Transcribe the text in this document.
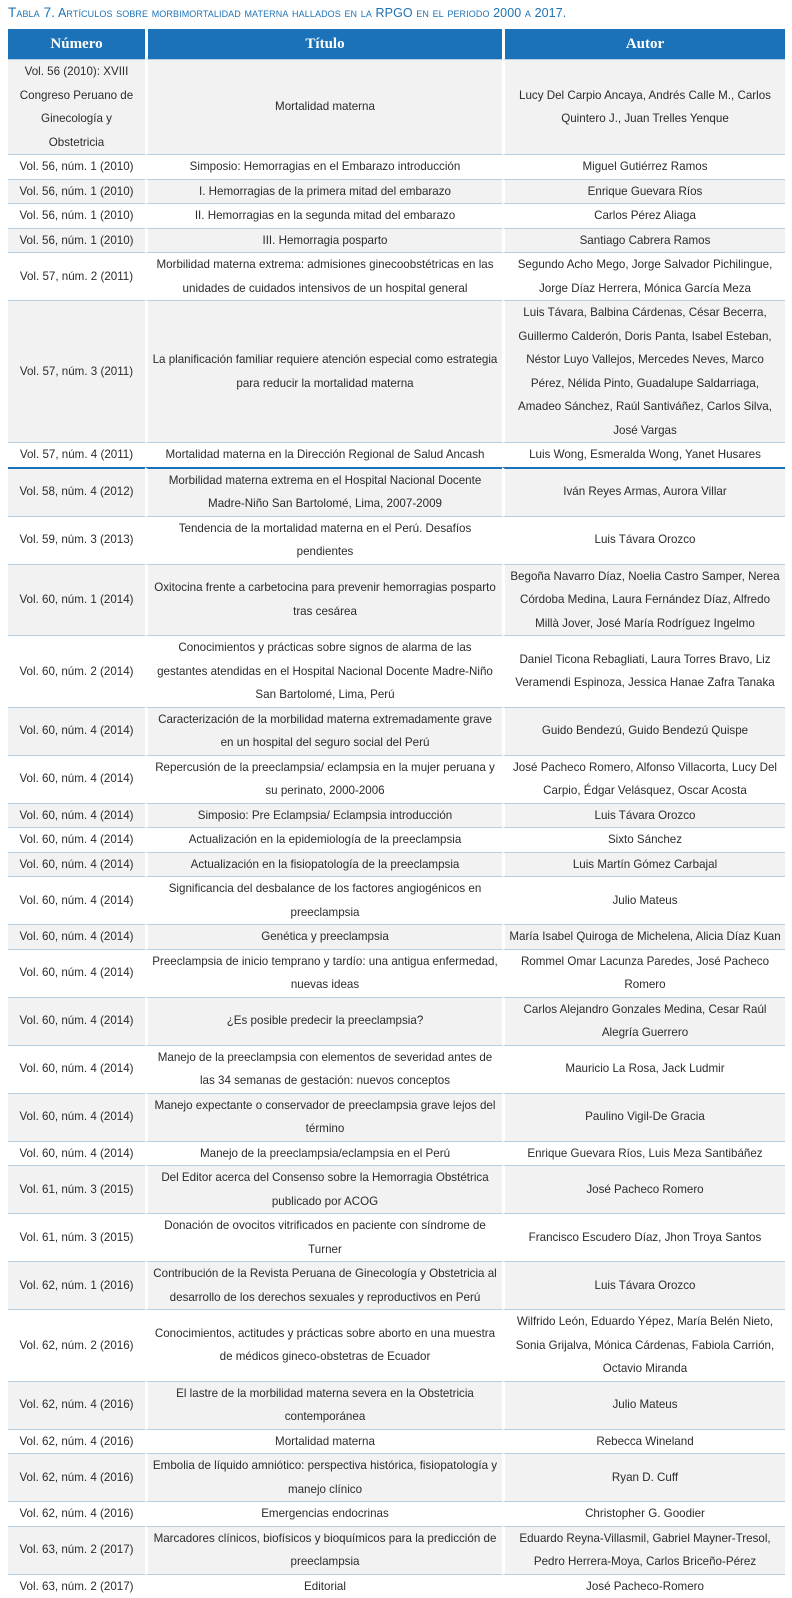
Tabla 7. Artículos sobre morbimortalidad materna hallados en la RPGO en el periodo 2000 a 2017.
Número	Título	Autor
Vol. 56 (2010): XVIII Congreso Peruano de Ginecología y Obstetricia	Mortalidad materna	Lucy Del Carpio Ancaya, Andrés Calle M., Carlos Quintero J., Juan Trelles Yenque
Vol. 56, núm. 1 (2010)	Simposio: Hemorragias en el Embarazo introducción	Miguel Gutiérrez Ramos
Vol. 56, núm. 1 (2010)	I. Hemorragias de la primera mitad del embarazo	Enrique Guevara Ríos
Vol. 56, núm. 1 (2010)	II. Hemorragias en la segunda mitad del embarazo	Carlos Pérez Aliaga
Vol. 56, núm. 1 (2010)	III. Hemorragia posparto	Santiago Cabrera Ramos
Vol. 57, núm. 2 (2011)	Morbilidad materna extrema: admisiones ginecoobstétricas en las unidades de cuidados intensivos de un hospital general	Segundo Acho Mego, Jorge Salvador Pichilingue, Jorge Díaz Herrera, Mónica García Meza
Vol. 57, núm. 3 (2011)	La planificación familiar requiere atención especial como estrategia para reducir la mortalidad materna	Luis Távara, Balbina Cárdenas, César Becerra, Guillermo Calderón, Doris Panta, Isabel Esteban, Néstor Luyo Vallejos, Mercedes Neves, Marco Pérez, Nélida Pinto, Guadalupe Saldarriaga, Amadeo Sánchez, Raúl Santiváñez, Carlos Silva, José Vargas
Vol. 57, núm. 4 (2011)	Mortalidad materna en la Dirección Regional de Salud Ancash	Luis Wong, Esmeralda Wong, Yanet Husares
Vol. 58, núm. 4 (2012)	Morbilidad materna extrema en el Hospital Nacional Docente Madre-Niño San Bartolomé, Lima, 2007-2009	Iván Reyes Armas, Aurora Villar
Vol. 59, núm. 3 (2013)	Tendencia de la mortalidad materna en el Perú. Desafíos pendientes	Luis Távara Orozco
Vol. 60, núm. 1 (2014)	Oxitocina frente a carbetocina para prevenir hemorragias posparto tras cesárea	Begoña Navarro Díaz, Noelia Castro Samper, Nerea Córdoba Medina, Laura Fernández Díaz, Alfredo Millà Jover, José María Rodríguez Ingelmo
Vol. 60, núm. 2 (2014)	Conocimientos y prácticas sobre signos de alarma de las gestantes atendidas en el Hospital Nacional Docente Madre-Niño San Bartolomé, Lima, Perú	Daniel Ticona Rebagliati, Laura Torres Bravo, Liz Veramendi Espinoza, Jessica Hanae Zafra Tanaka
Vol. 60, núm. 4 (2014)	Caracterización de la morbilidad materna extremadamente grave en un hospital del seguro social del Perú	Guido Bendezú, Guido Bendezú Quispe
Vol. 60, núm. 4 (2014)	Repercusión de la preeclampsia/ eclampsia en la mujer peruana y su perinato, 2000-2006	José Pacheco Romero, Alfonso Villacorta, Lucy Del Carpio, Édgar Velásquez, Oscar Acosta
Vol. 60, núm. 4 (2014)	Simposio: Pre Eclampsia/ Eclampsia introducción	Luis Távara Orozco
Vol. 60, núm. 4 (2014)	Actualización en la epidemiología de la preeclampsia	Sixto Sánchez
Vol. 60, núm. 4 (2014)	Actualización en la fisiopatología de la preeclampsia	Luis Martín Gómez Carbajal
Vol. 60, núm. 4 (2014)	Significancia del desbalance de los factores angiogénicos en preeclampsia	Julio Mateus
Vol. 60, núm. 4 (2014)	Genética y preeclampsia	María Isabel Quiroga de Michelena, Alicia Díaz Kuan
Vol. 60, núm. 4 (2014)	Preeclampsia de inicio temprano y tardío: una antigua enfermedad, nuevas ideas	Rommel Omar Lacunza Paredes, José Pacheco Romero
Vol. 60, núm. 4 (2014)	¿Es posible predecir la preeclampsia?	Carlos Alejandro Gonzales Medina, Cesar Raúl Alegría Guerrero
Vol. 60, núm. 4 (2014)	Manejo de la preeclampsia con elementos de severidad antes de las 34 semanas de gestación: nuevos conceptos	Mauricio La Rosa, Jack Ludmir
Vol. 60, núm. 4 (2014)	Manejo expectante o conservador de preeclampsia grave lejos del término	Paulino Vigil-De Gracia
Vol. 60, núm. 4 (2014)	Manejo de la preeclampsia/eclampsia en el Perú	Enrique Guevara Ríos, Luis Meza Santibáñez
Vol. 61, núm. 3 (2015)	Del Editor acerca del Consenso sobre la Hemorragia Obstétrica publicado por ACOG	José Pacheco Romero
Vol. 61, núm. 3 (2015)	Donación de ovocitos vitrificados en paciente con síndrome de Turner	Francisco Escudero Díaz, Jhon Troya Santos
Vol. 62, núm. 1 (2016)	Contribución de la Revista Peruana de Ginecología y Obstetricia al desarrollo de los derechos sexuales y reproductivos en Perú	Luis Távara Orozco
Vol. 62, núm. 2 (2016)	Conocimientos, actitudes y prácticas sobre aborto en una muestra de médicos gineco-obstetras de Ecuador	Wilfrido León, Eduardo Yépez, María Belén Nieto, Sonia Grijalva, Mónica Cárdenas, Fabiola Carrión, Octavio Miranda
Vol. 62, núm. 4 (2016)	El lastre de la morbilidad materna severa en la Obstetricia contemporánea	Julio Mateus
Vol. 62, núm. 4 (2016)	Mortalidad materna	Rebecca Wineland
Vol. 62, núm. 4 (2016)	Embolia de líquido amniótico: perspectiva histórica, fisiopatología y manejo clínico	Ryan D. Cuff
Vol. 62, núm. 4 (2016)	Emergencias endocrinas	Christopher G. Goodier
Vol. 63, núm. 2 (2017)	Marcadores clínicos, biofísicos y bioquímicos para la predicción de preeclampsia	Eduardo Reyna-Villasmil, Gabriel Mayner-Tresol, Pedro Herrera-Moya, Carlos Briceño-Pérez
Vol. 63, núm. 2 (2017)	Editorial	José Pacheco-Romero
